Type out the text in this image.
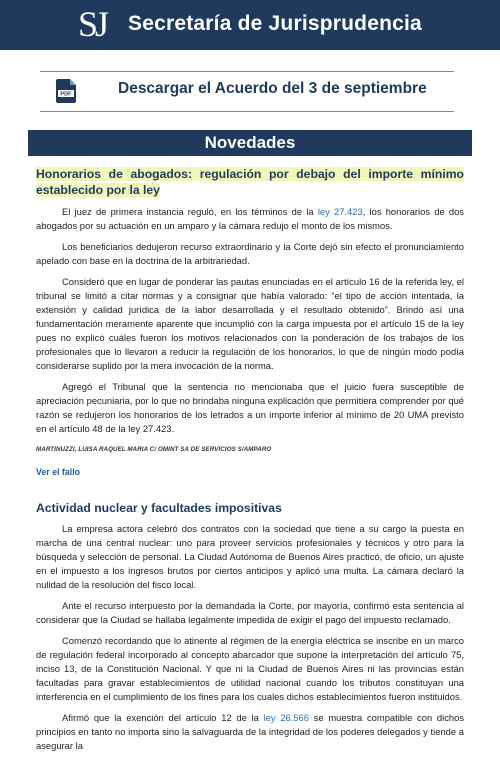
SJ Secretaría de Jurisprudencia
PDF	Descargar el Acuerdo del 3 de septiembre
Novedades
Honorarios de abogados: regulación por debajo del importe mínimo establecido por la ley

El juez de primera instancia reguló, en los términos de la ley 27.423, los honorarios de dos abogados por su actuación en un amparo y la cámara redujo el monto de los mismos.

Los beneficiarios dedujeron recurso extraordinario y la Corte dejó sin efecto el pronunciamiento apelado con base en la doctrina de la arbitrariedad.

Consideró que en lugar de ponderar las pautas enunciadas en el artículo 16 de la referida ley, el tribunal se limitó a citar normas y a consignar que había valorado: “el tipo de acción intentada, la extensión y calidad jurídica de la labor desarrollada y el resultado obtenido”. Brindó así una fundamentación meramente aparente que incumplió con la carga impuesta por el artículo 15 de la ley pues no explicó cuáles fueron los motivos relacionados con la ponderación de los trabajos de los profesionales que lo llevaron a reducir la regulación de los honorarios, lo que de ningún modo podía considerarse suplido por la mera invocación de la norma.

Agregó el Tribunal que la sentencia no mencionaba que el juicio fuera susceptible de apreciación pecuniaria, por lo que no brindaba ninguna explicación que permitiera comprender por qué razón se redujeron los honorarios de los letrados a un importe inferior al mínimo de 20 UMA previsto en el artículo 48 de la ley 27.423.

MARTINUZZI, LUISA RAQUEL MARIA C/ OMINT SA DE SERVICIOS S/AMPARO
Ver el fallo
Actividad nuclear y facultades impositivas

La empresa actora celebró dos contratos con la sociedad que tiene a su cargo la puesta en marcha de una central nuclear: uno para proveer servicios profesionales y técnicos y otro para la búsqueda y selección de personal. La Ciudad Autónoma de Buenos Aires practicó, de oficio, un ajuste en el impuesto a los ingresos brutos por ciertos anticipos y aplicó una multa. La cámara declaró la nulidad de la resolución del fisco local.

Ante el recurso interpuesto por la demandada la Corte, por mayoría, confirmó esta sentencia al considerar que la Ciudad se hallaba legalmente impedida de exigir el pago del impuesto reclamado.

Comenzó recordando que lo atinente al régimen de la energía eléctrica se inscribe en un marco de regulación federal incorporado al concepto abarcador que supone la interpretación del artículo 75, inciso 13, de la Constitución Nacional. Y que ni la Ciudad de Buenos Aires ni las provincias están facultadas para gravar establecimientos de utilidad nacional cuando los tributos constituyan una interferencia en el cumplimiento de los fines para los cuales dichos establecimientos fueron instituidos.

Afirmó que la exención del artículo 12 de la ley 26.566 se muestra compatible con dichos principios en tanto no importa sino la salvaguarda de la integridad de los poderes delegados y tiende a asegurar la
